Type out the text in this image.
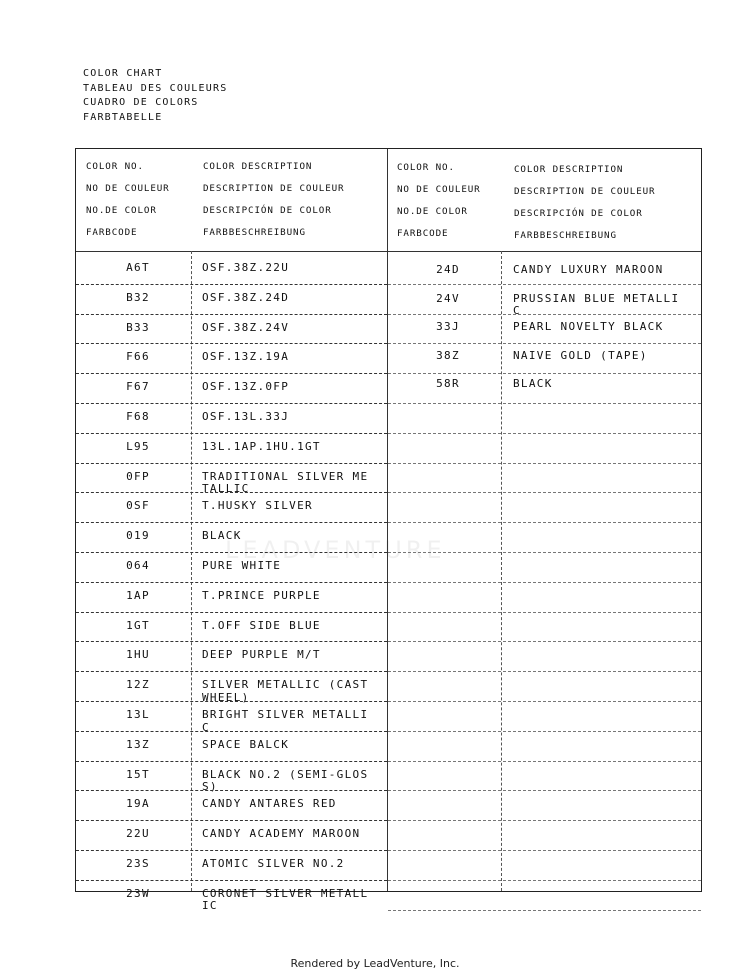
COLOR CHART
TABLEAU DES COULEURS
CUADRO DE COLORS
FARBTABELLE
LEADVENTURE
COLOR NO.
NO DE COULEUR
NO.DE COLOR
FARBCODE
COLOR DESCRIPTION
DESCRIPTION DE COULEUR
DESCRIPCIÓN DE COLOR
FARBBESCHREIBUNG
COLOR NO.
NO DE COULEUR
NO.DE COLOR
FARBCODE
COLOR DESCRIPTION
DESCRIPTION DE COULEUR
DESCRIPCIÓN DE COLOR
FARBBESCHREIBUNG
A6T	OSF.38Z.22U
B32	OSF.38Z.24D
B33	OSF.38Z.24V
F66	OSF.13Z.19A
F67	OSF.13Z.0FP
F68	OSF.13L.33J
L95	13L.1AP.1HU.1GT
0FP	TRADITIONAL SILVER ME
TALLIC
0SF	T.HUSKY SILVER
019	BLACK
064	PURE WHITE
1AP	T.PRINCE PURPLE
1GT	T.OFF SIDE BLUE
1HU	DEEP PURPLE M/T
12Z	SILVER METALLIC (CAST
WHEEL)
13L	BRIGHT SILVER METALLI
C
13Z	SPACE BALCK
15T	BLACK NO.2 (SEMI-GLOS
S)
19A	CANDY ANTARES RED
22U	CANDY ACADEMY MAROON
23S	ATOMIC SILVER NO.2
23W	CORONET SILVER METALL
IC
24D	CANDY LUXURY MAROON
24V	PRUSSIAN BLUE METALLI
C
33J	PEARL NOVELTY BLACK
38Z	NAIVE GOLD (TAPE)
58R	BLACK
Rendered by LeadVenture, Inc.
